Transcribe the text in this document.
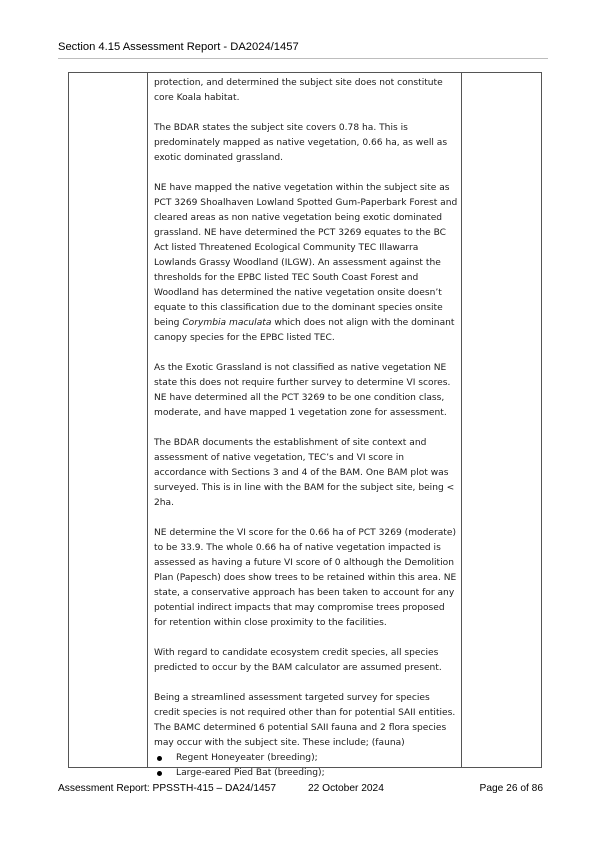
Section 4.15 Assessment Report - DA2024/1457

protection, and determined the subject site does not constitute core Koala habitat.

The BDAR states the subject site covers 0.78 ha. This is predominately mapped as native vegetation, 0.66 ha, as well as exotic dominated grassland.

NE have mapped the native vegetation within the subject site as PCT 3269 Shoalhaven Lowland Spotted Gum-Paperbark Forest and cleared areas as non native vegetation being exotic dominated grassland. NE have determined the PCT 3269 equates to the BC Act listed Threatened Ecological Community TEC Illawarra Lowlands Grassy Woodland (ILGW). An assessment against the thresholds for the EPBC listed TEC South Coast Forest and Woodland has determined the native vegetation onsite doesn’t equate to this classification due to the dominant species onsite being Corymbia maculata which does not align with the dominant canopy species for the EPBC listed TEC.

As the Exotic Grassland is not classified as native vegetation NE state this does not require further survey to determine VI scores. NE have determined all the PCT 3269 to be one condition class, moderate, and have mapped 1 vegetation zone for assessment.

The BDAR documents the establishment of site context and assessment of native vegetation, TEC’s and VI score in accordance with Sections 3 and 4 of the BAM. One BAM plot was surveyed. This is in line with the BAM for the subject site, being < 2ha.

NE determine the VI score for the 0.66 ha of PCT 3269 (moderate) to be 33.9. The whole 0.66 ha of native vegetation impacted is assessed as having a future VI score of 0 although the Demolition Plan (Papesch) does show trees to be retained within this area. NE state, a conservative approach has been taken to account for any potential indirect impacts that may compromise trees proposed for retention within close proximity to the facilities.

With regard to candidate ecosystem credit species, all species predicted to occur by the BAM calculator are assumed present.

Being a streamlined assessment targeted survey for species credit species is not required other than for potential SAII entities. The BAMC determined 6 potential SAII fauna and 2 flora species may occur with the subject site. These include; (fauna)

Regent Honeyeater (breeding);
Large-eared Pied Bat (breeding);
Assessment Report: PPSSTH-415 – DA24/1457	22 October 2024	Page 26 of 86
